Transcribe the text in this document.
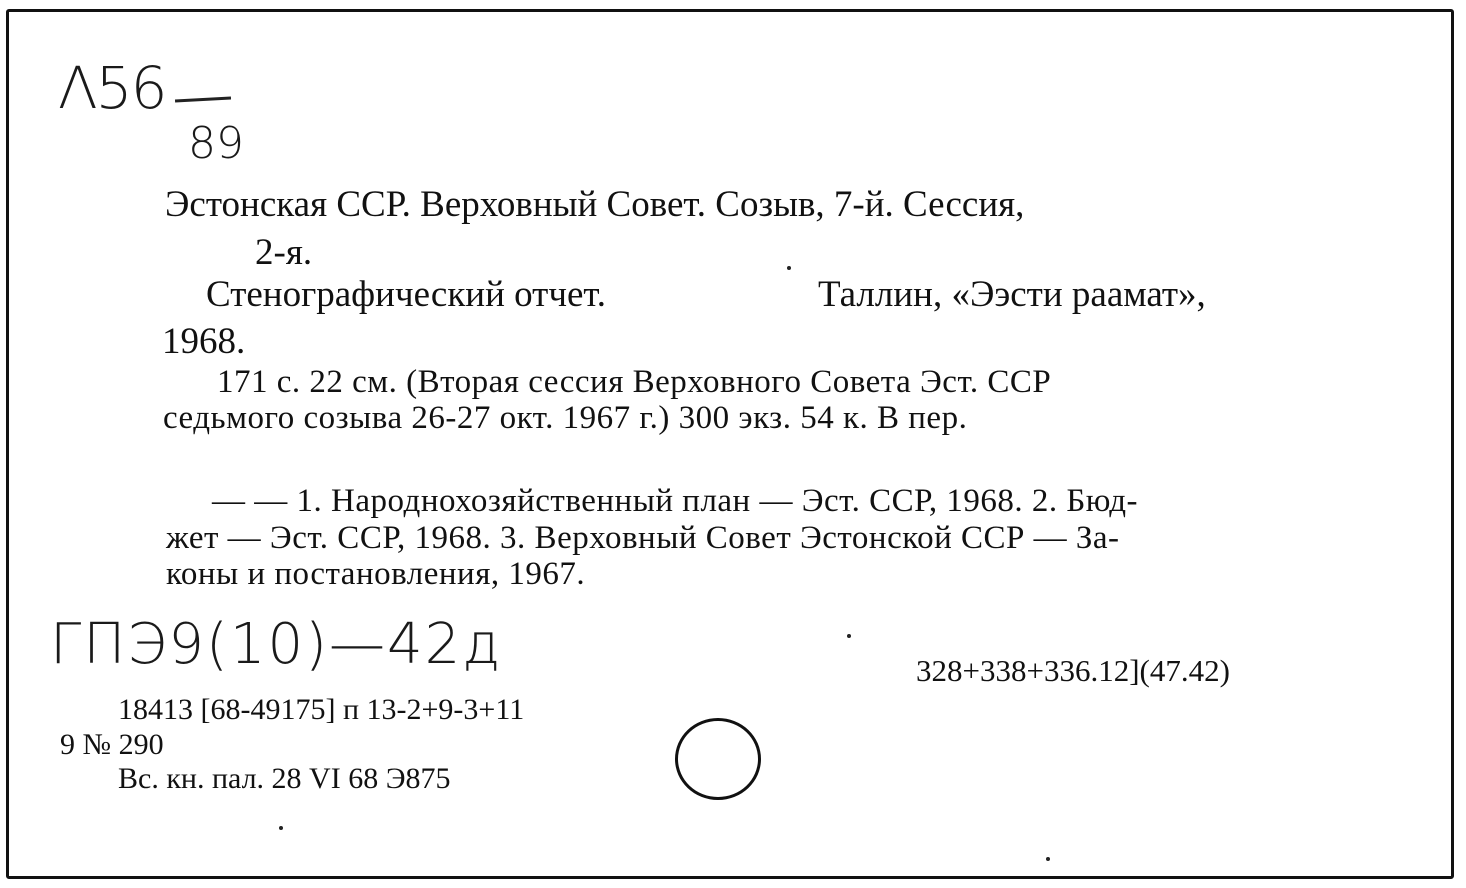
Λ56
89
Эстонская ССР. Верховный Совет. Созыв, 7-й. Сессия,
2-я.
Стенографический отчет.	Таллин, «Ээсти раамат»,
1968.
171 с. 22 см. (Вторая сессия Верховного Совета Эст. ССР
седьмого созыва 26-27 окт. 1967 г.) 300 экз. 54 к. В пер.
— — 1. Народнохозяйственный план — Эст. ССР, 1968. 2. Бюд-
жет — Эст. ССР, 1968. 3. Верховный Совет Эстонской ССР — За-
коны и постановления, 1967.
ГПЭ9(10)—42д	328+338+336.12](47.42)
18413 [68-49175] п 13-2+9-3+11
9 № 290
Вс. кн. пал. 28 VI 68 Э875
